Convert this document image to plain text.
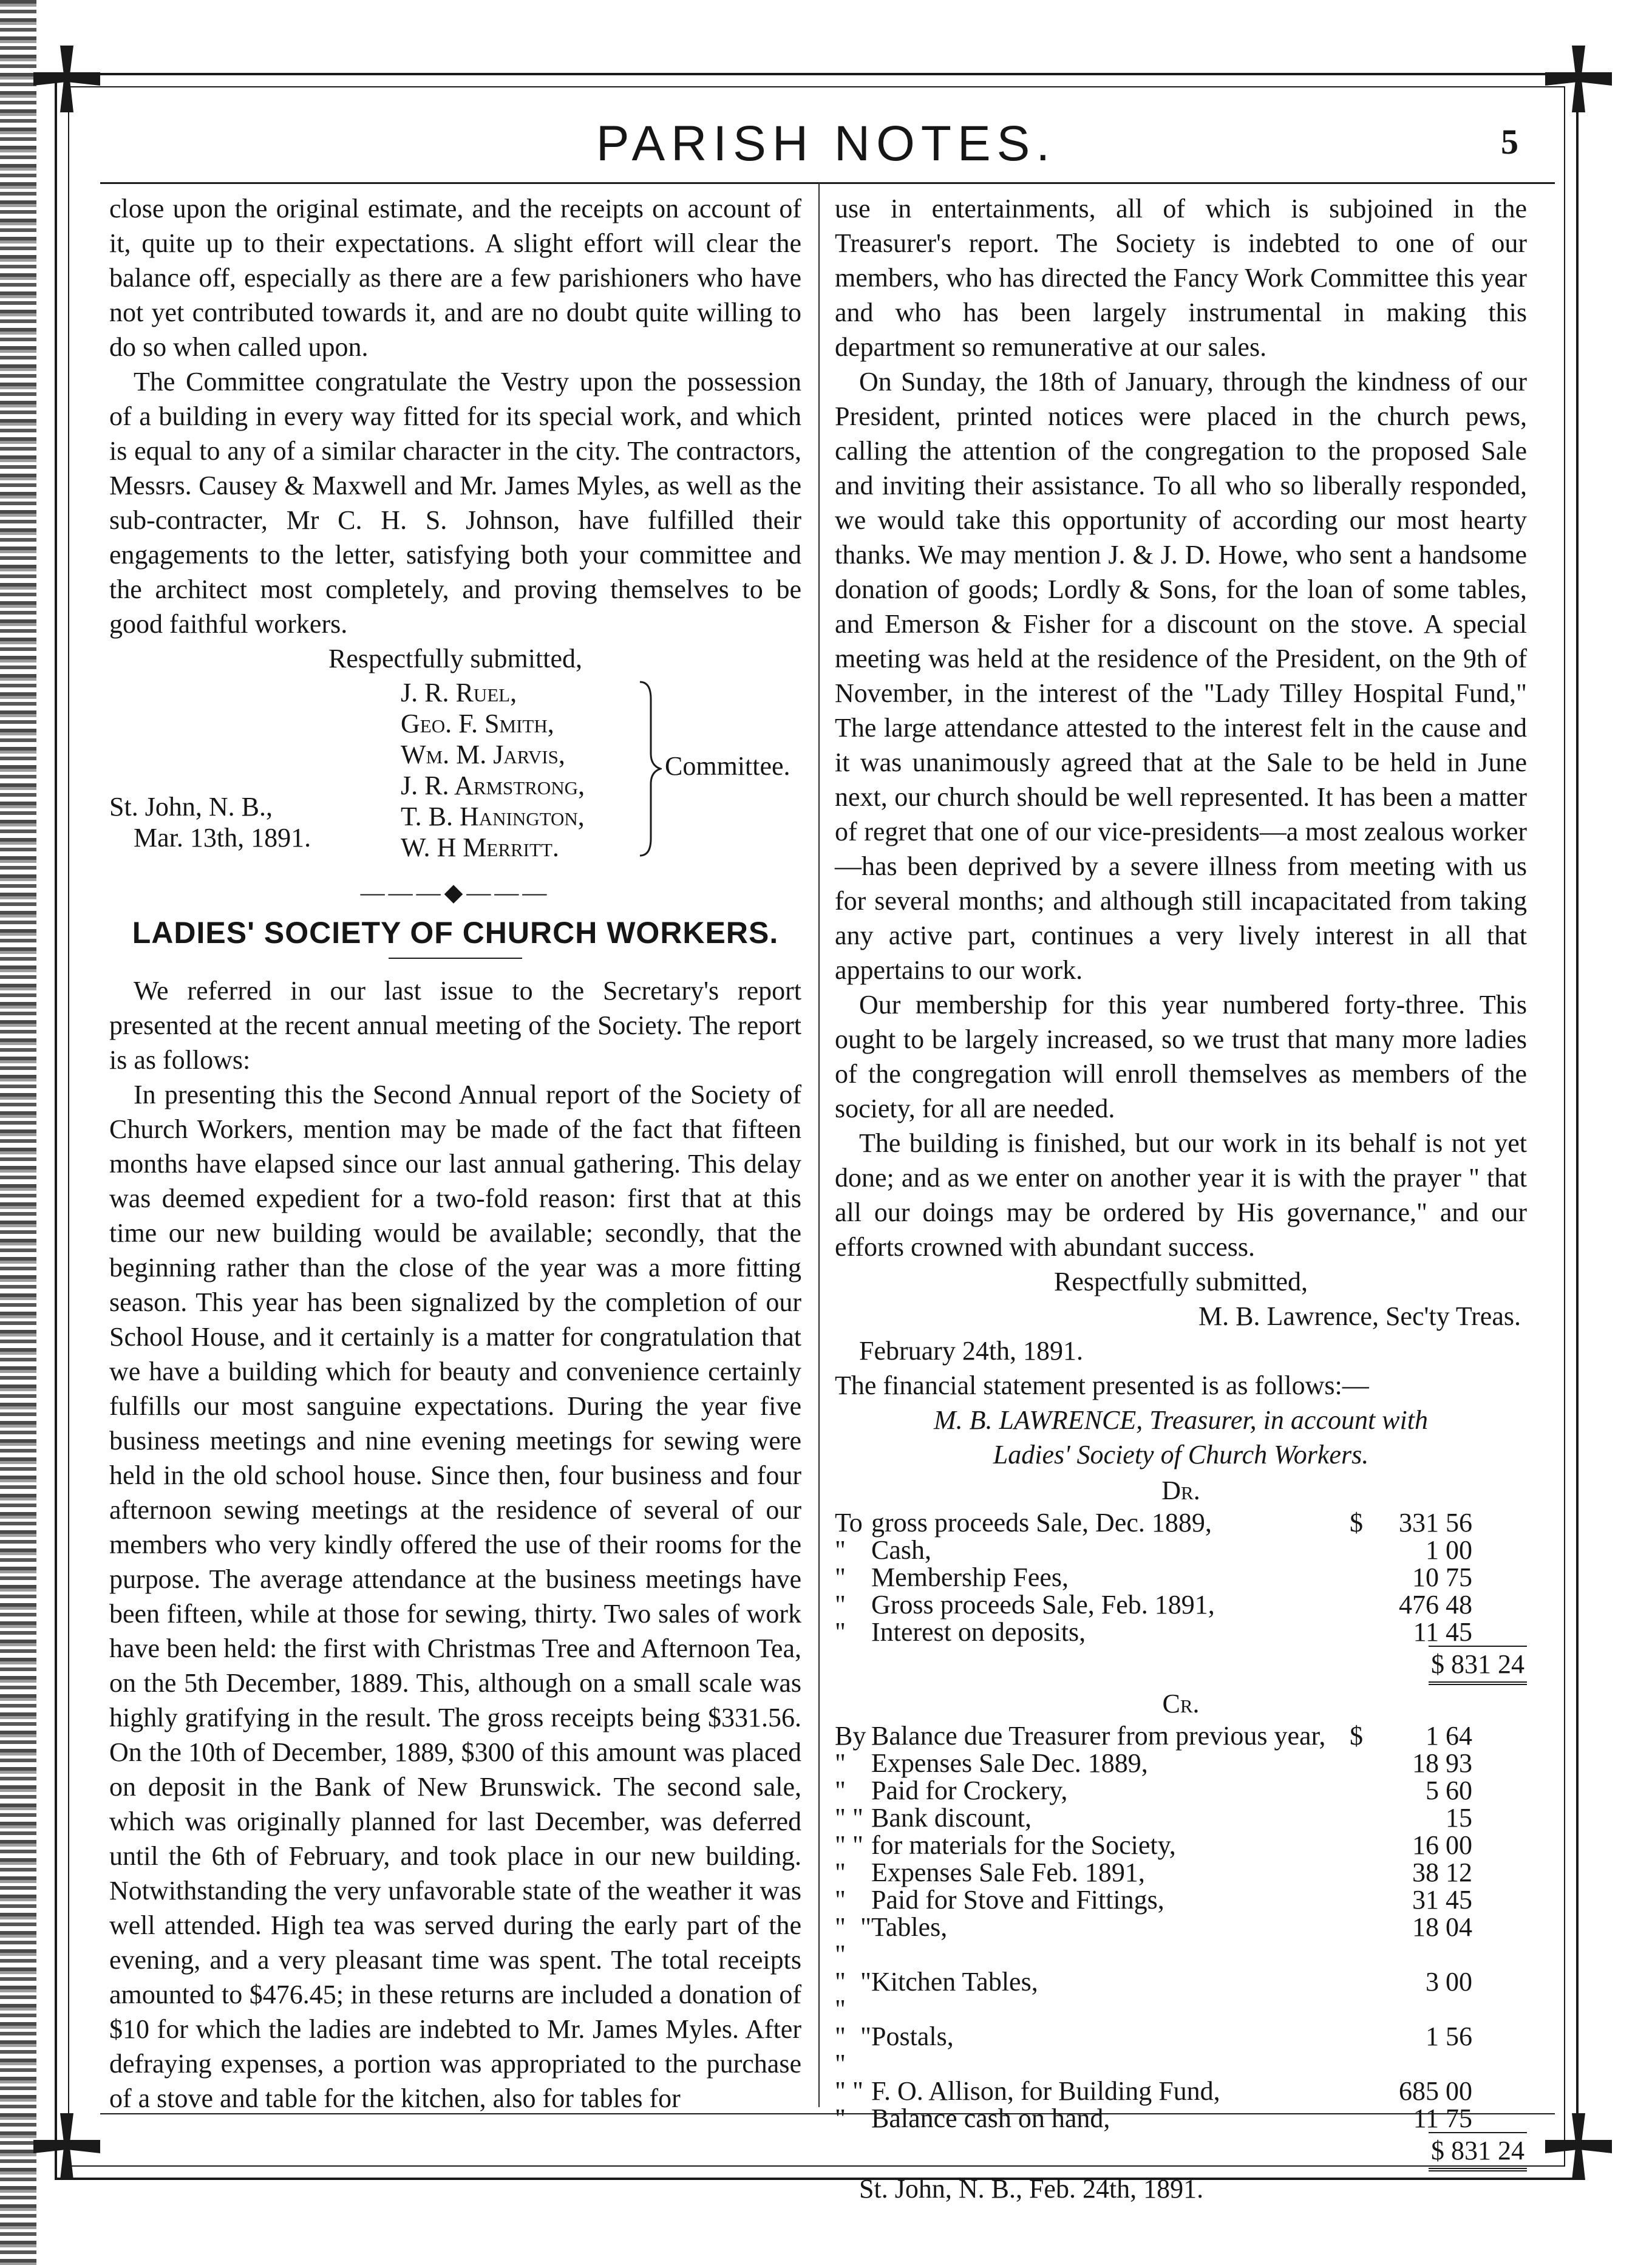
PARISH NOTES.	5

close upon the original estimate, and the receipts on account of it, quite up to their expectations. A slight effort will clear the balance off, especially as there are a few parishioners who have not yet contributed towards it, and are no doubt quite willing to do so when called upon.

The Committee congratulate the Vestry upon the possession of a building in every way fitted for its special work, and which is equal to any of a similar character in the city. The contractors, Messrs. Causey & Maxwell and Mr. James Myles, as well as the sub-contracter, Mr C. H. S. Johnson, have fulfilled their engagements to the letter, satisfying both your committee and the architect most completely, and proving themselves to be good faithful workers.

Respectfully submitted,
J. R. Ruel,
Geo. F. Smith,
Wm. M. Jarvis,
J. R. Armstrong,
T. B. Hanington,
W. H Merritt.
Committee.
St. John, N. B.,
Mar. 13th, 1891.
———◆———
LADIES' SOCIETY OF CHURCH WORKERS.

We referred in our last issue to the Secretary's report presented at the recent annual meeting of the Society. The report is as follows:

In presenting this the Second Annual report of the Society of Church Workers, mention may be made of the fact that fifteen months have elapsed since our last annual gathering. This delay was deemed expedient for a two-fold reason: first that at this time our new building would be available; secondly, that the beginning rather than the close of the year was a more fitting season. This year has been signalized by the completion of our School House, and it certainly is a matter for congratulation that we have a building which for beauty and convenience certainly fulfills our most sanguine expectations. During the year five business meetings and nine evening meetings for sewing were held in the old school house. Since then, four business and four afternoon sewing meetings at the residence of several of our members who very kindly offered the use of their rooms for the purpose. The average attendance at the business meetings have been fifteen, while at those for sewing, thirty. Two sales of work have been held: the first with Christmas Tree and Afternoon Tea, on the 5th December, 1889. This, although on a small scale was highly gratifying in the result. The gross receipts being $331.56. On the 10th of December, 1889, $300 of this amount was placed on deposit in the Bank of New Brunswick. The second sale, which was originally planned for last December, was deferred until the 6th of February, and took place in our new building. Notwithstanding the very unfavorable state of the weather it was well attended. High tea was served during the early part of the evening, and a very pleasant time was spent. The total receipts amounted to $476.45; in these returns are included a donation of $10 for which the ladies are indebted to Mr. James Myles. After defraying expenses, a portion was appropriated to the purchase of a stove and table for the kitchen, also for tables for

use in entertainments, all of which is subjoined in the Treasurer's report. The Society is indebted to one of our members, who has directed the Fancy Work Committee this year and who has been largely instrumental in making this department so remunerative at our sales.

On Sunday, the 18th of January, through the kindness of our President, printed notices were placed in the church pews, calling the attention of the congregation to the proposed Sale and inviting their assistance. To all who so liberally responded, we would take this opportunity of according our most hearty thanks. We may mention J. & J. D. Howe, who sent a handsome donation of goods; Lordly & Sons, for the loan of some tables, and Emerson & Fisher for a discount on the stove. A special meeting was held at the residence of the President, on the 9th of November, in the interest of the "Lady Tilley Hospital Fund," The large attendance attested to the interest felt in the cause and it was unanimously agreed that at the Sale to be held in June next, our church should be well represented. It has been a matter of regret that one of our vice-presidents—a most zealous worker—has been deprived by a severe illness from meeting with us for several months; and although still incapacitated from taking any active part, continues a very lively interest in all that appertains to our work.

Our membership for this year numbered forty-three. This ought to be largely increased, so we trust that many more ladies of the congregation will enroll themselves as members of the society, for all are needed.

The building is finished, but our work in its behalf is not yet done; and as we enter on another year it is with the prayer " that all our doings may be ordered by His governance," and our efforts crowned with abundant success.

Respectfully submitted,
M. B. Lawrence, Sec'ty Treas.
February 24th, 1891.
The financial statement presented is as follows:—
M. B. LAWRENCE, Treasurer, in account with
Ladies' Society of Church Workers.
Dr.
To	gross proceeds Sale, Dec. 1889,	$	331 56
"	Cash,		1 00
"	Membership Fees,		10 75
"	Gross proceeds Sale, Feb. 1891,		476 48
"	Interest on deposits,		11 45
$ 831 24
Cr.
By	Balance due Treasurer from previous year,	$	1 64
"	Expenses Sale Dec. 1889,		18 93
"	Paid for Crockery,		5 60
" "	Bank discount,		15
" "	for materials for the Society,		16 00
"	Expenses Sale Feb. 1891,		38 12
"	Paid for Stove and Fittings,		31 45
" " "	Tables,		18 04
" " "	Kitchen Tables,		3 00
" " "	Postals,		1 56
" "	F. O. Allison, for Building Fund,		685 00
"	Balance cash on hand,		11 75
$ 831 24
St. John, N. B., Feb. 24th, 1891.
